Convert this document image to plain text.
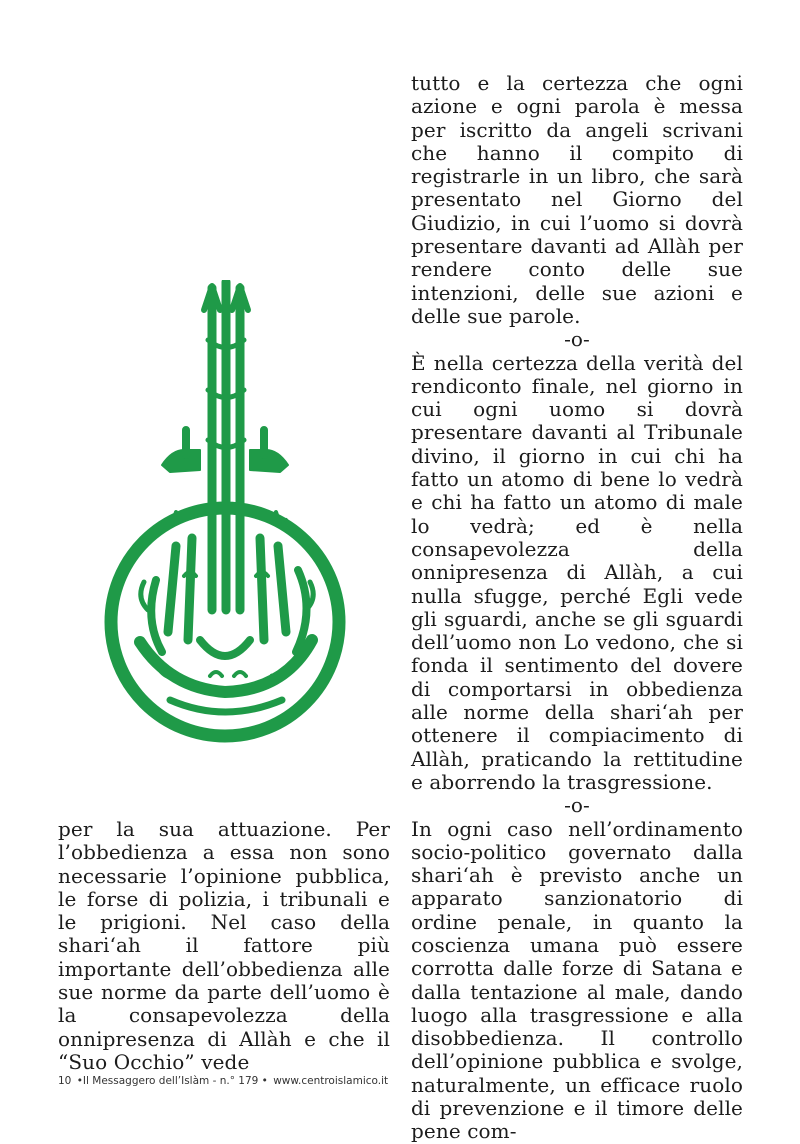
tutto e la certezza che ogni azione e ogni parola è messa per iscritto da angeli scrivani che hanno il compito di registrarle in un libro, che sarà presentato nel Giorno del Giudizio, in cui l’uomo si dovrà presentare davanti ad Allàh per rendere conto delle sue intenzioni, delle sue azioni e delle sue parole.

-o-

È nella certezza della verità del rendiconto finale, nel giorno in cui ogni uomo si dovrà presentare davanti al Tribunale divino, il giorno in cui chi ha fatto un atomo di bene lo vedrà e chi ha fatto un atomo di male lo vedrà; ed è nella consapevolezza della onnipresenza di Allàh, a cui nulla sfugge, perché Egli vede gli sguardi, anche se gli sguardi dell’uomo non Lo vedono, che si fonda il sentimento del dovere di comportarsi in obbedienza alle norme della shari‘ah per ottenere il compiacimento di Allàh, praticando la rettitudine e aborrendo la trasgressione.

-o-

In ogni caso nell’ordinamento socio-politico governato dalla shari‘ah è previsto anche un apparato sanzionatorio di ordine penale, in quanto la coscienza umana può essere corrotta dalle forze di Satana e dalla tentazione al male, dando luogo alla trasgressione e alla disobbedienza. Il controllo dell’opinione pubblica e svolge, naturalmente, un efficace ruolo di prevenzione e il timore delle pene com-

per la sua attuazione. Per l’obbedienza a essa non sono necessarie l’opinione pubblica, le forse di polizia, i tribunali e le prigioni. Nel caso della shari‘ah il fattore più importante dell’obbedienza alle sue norme da parte dell’uomo è la consapevolezza della onnipresenza di Allàh e che il “Suo Occhio” vede

10 •Il Messaggero dell’Islàm - n.° 179 • www.centroislamico.it
